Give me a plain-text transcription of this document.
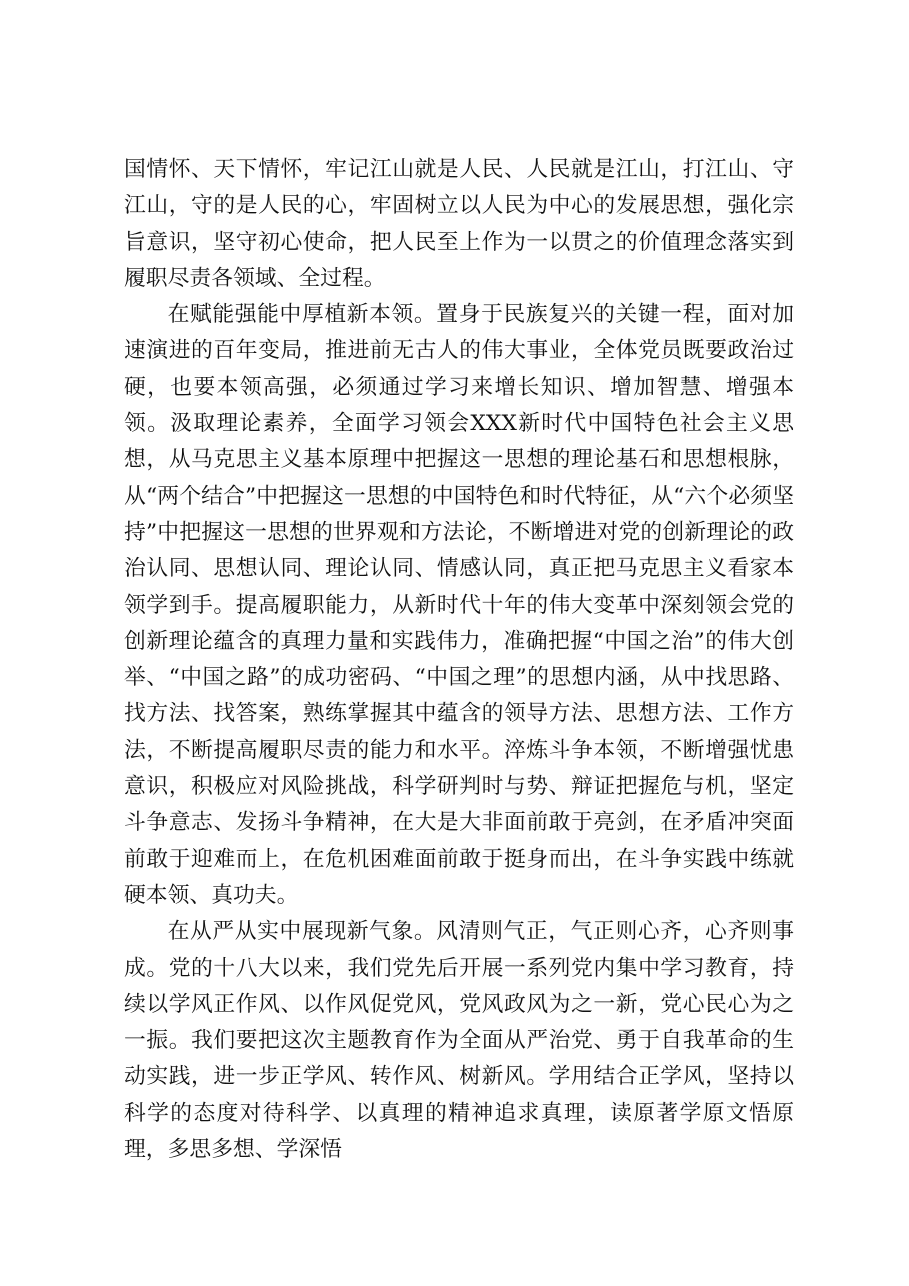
国情怀、天下情怀，牢记江山就是人民、人民就是江山，打江山、守江山，守的是人民的心，牢固树立以人民为中心的发展思想，强化宗旨意识，坚守初心使命，把人民至上作为一以贯之的价值理念落实到履职尽责各领域、全过程。

在赋能强能中厚植新本领。置身于民族复兴的关键一程，面对加速演进的百年变局，推进前无古人的伟大事业，全体党员既要政治过硬，也要本领高强，必须通过学习来增长知识、增加智慧、增强本领。汲取理论素养，全面学习领会XXX新时代中国特色社会主义思想，从马克思主义基本原理中把握这一思想的理论基石和思想根脉，从“两个结合”中把握这一思想的中国特色和时代特征，从“六个必须坚持”中把握这一思想的世界观和方法论，不断增进对党的创新理论的政治认同、思想认同、理论认同、情感认同，真正把马克思主义看家本领学到手。提高履职能力，从新时代十年的伟大变革中深刻领会党的创新理论蕴含的真理力量和实践伟力，准确把握“中国之治”的伟大创举、“中国之路”的成功密码、“中国之理”的思想内涵，从中找思路、找方法、找答案，熟练掌握其中蕴含的领导方法、思想方法、工作方法，不断提高履职尽责的能力和水平。淬炼斗争本领，不断增强忧患意识，积极应对风险挑战，科学研判时与势、辩证把握危与机，坚定斗争意志、发扬斗争精神，在大是大非面前敢于亮剑，在矛盾冲突面前敢于迎难而上，在危机困难面前敢于挺身而出，在斗争实践中练就硬本领、真功夫。

在从严从实中展现新气象。风清则气正，气正则心齐，心齐则事成。党的十八大以来，我们党先后开展一系列党内集中学习教育，持续以学风正作风、以作风促党风，党风政风为之一新，党心民心为之一振。我们要把这次主题教育作为全面从严治党、勇于自我革命的生动实践，进一步正学风、转作风、树新风。学用结合正学风，坚持以科学的态度对待科学、以真理的精神追求真理，读原著学原文悟原理，多思多想、学深悟
